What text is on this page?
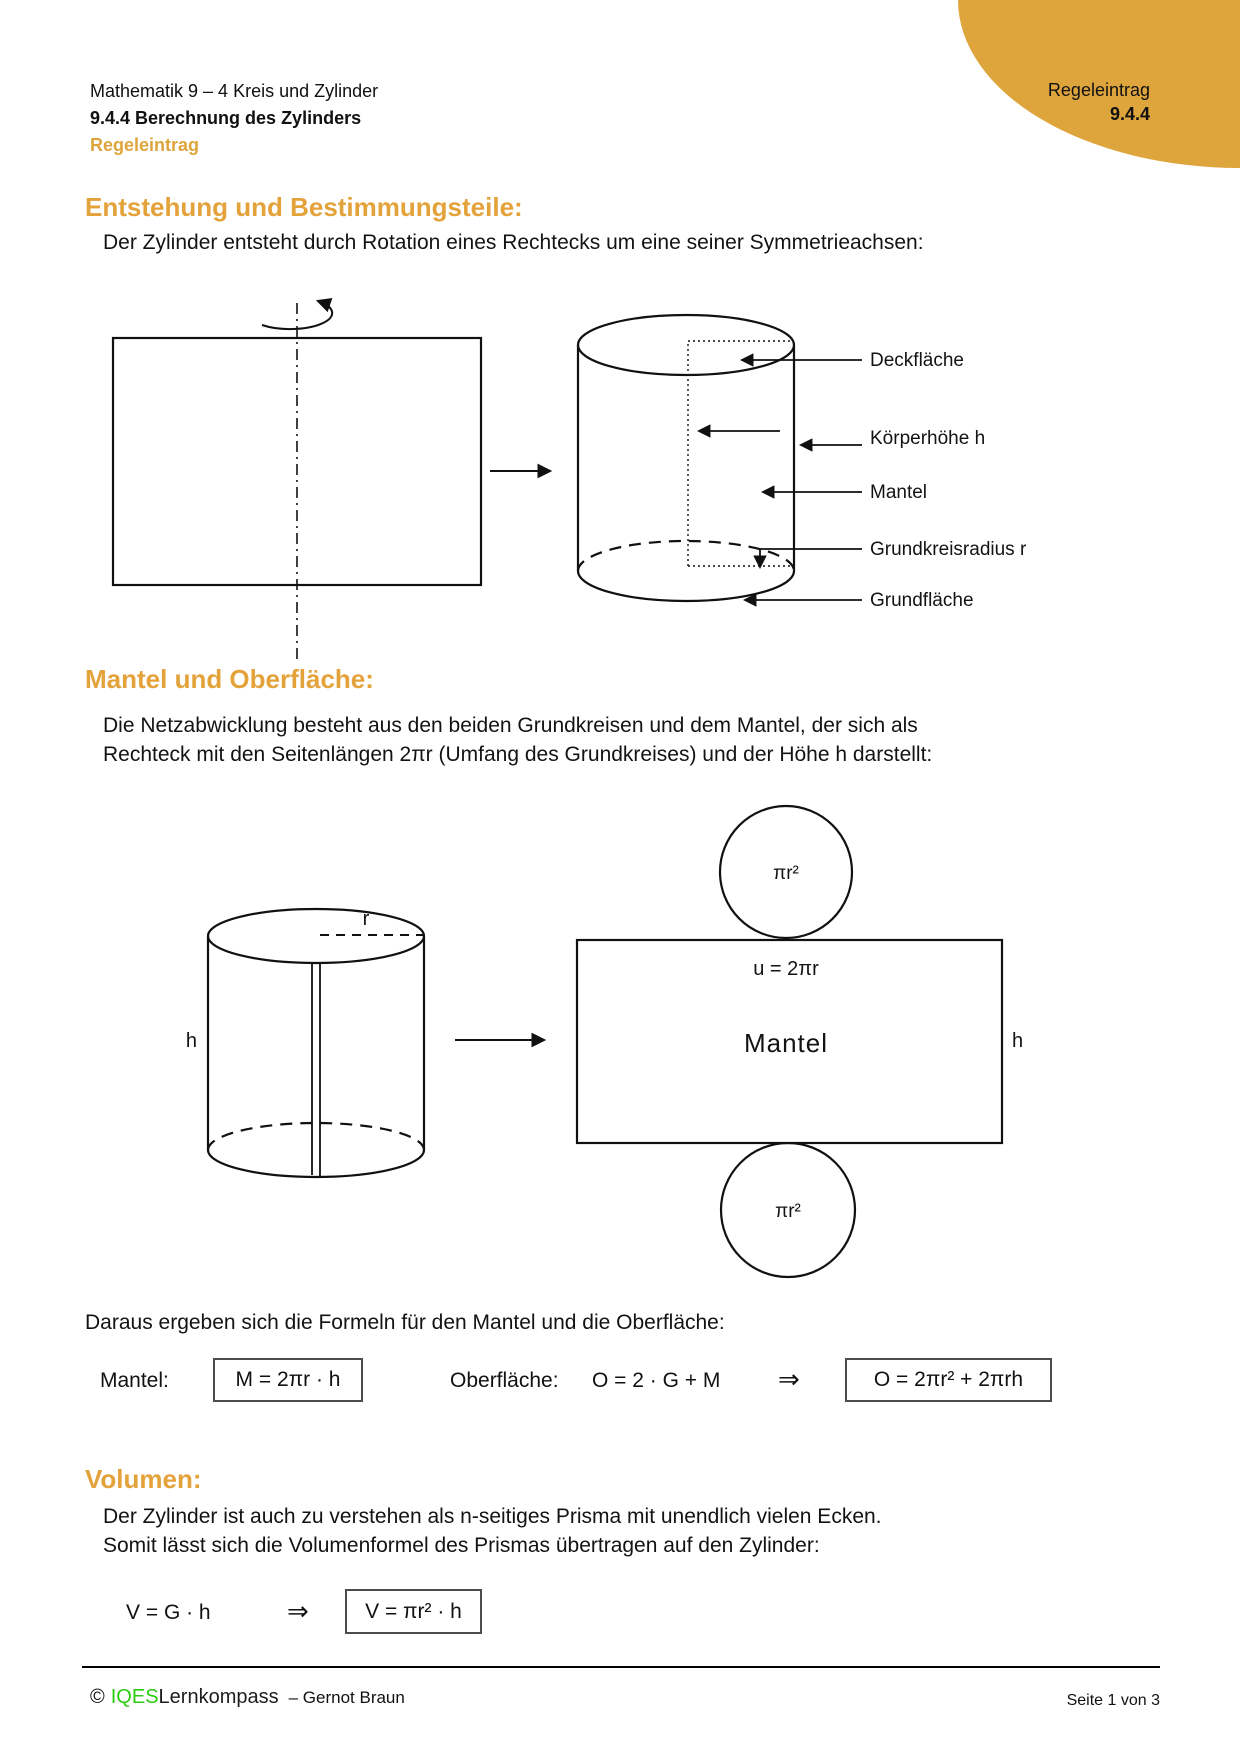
Regeleintrag
9.4.4
Mathematik 9 – 4 Kreis und Zylinder
9.4.4 Berechnung des Zylinders
Regeleintrag
Entstehung und Bestimmungsteile:
Der Zylinder entsteht durch Rotation eines Rechtecks um eine seiner Symmetrieachsen:
Deckfläche
Körperhöhe h
Mantel
Grundkreisradius r
Grundfläche
Mantel und Oberfläche:
Die Netzabwicklung besteht aus den beiden Grundkreisen und dem Mantel, der sich als
Rechteck mit den Seitenlängen 2πr (Umfang des Grundkreises) und der Höhe h darstellt:
r
h
πr²
πr²
u = 2πr
Mantel	h
Daraus ergeben sich die Formeln für den Mantel und die Oberfläche:
Mantel:	M = 2πr · h	Oberfläche: O = 2 · G + M ⇒	O = 2πr² + 2πrh
Volumen:
Der Zylinder ist auch zu verstehen als n-seitiges Prisma mit unendlich vielen Ecken.
Somit lässt sich die Volumenformel des Prismas übertragen auf den Zylinder:
V = G · h	⇒	V = πr² · h
© IQESLernkompass – Gernot Braun	Seite 1 von 3
